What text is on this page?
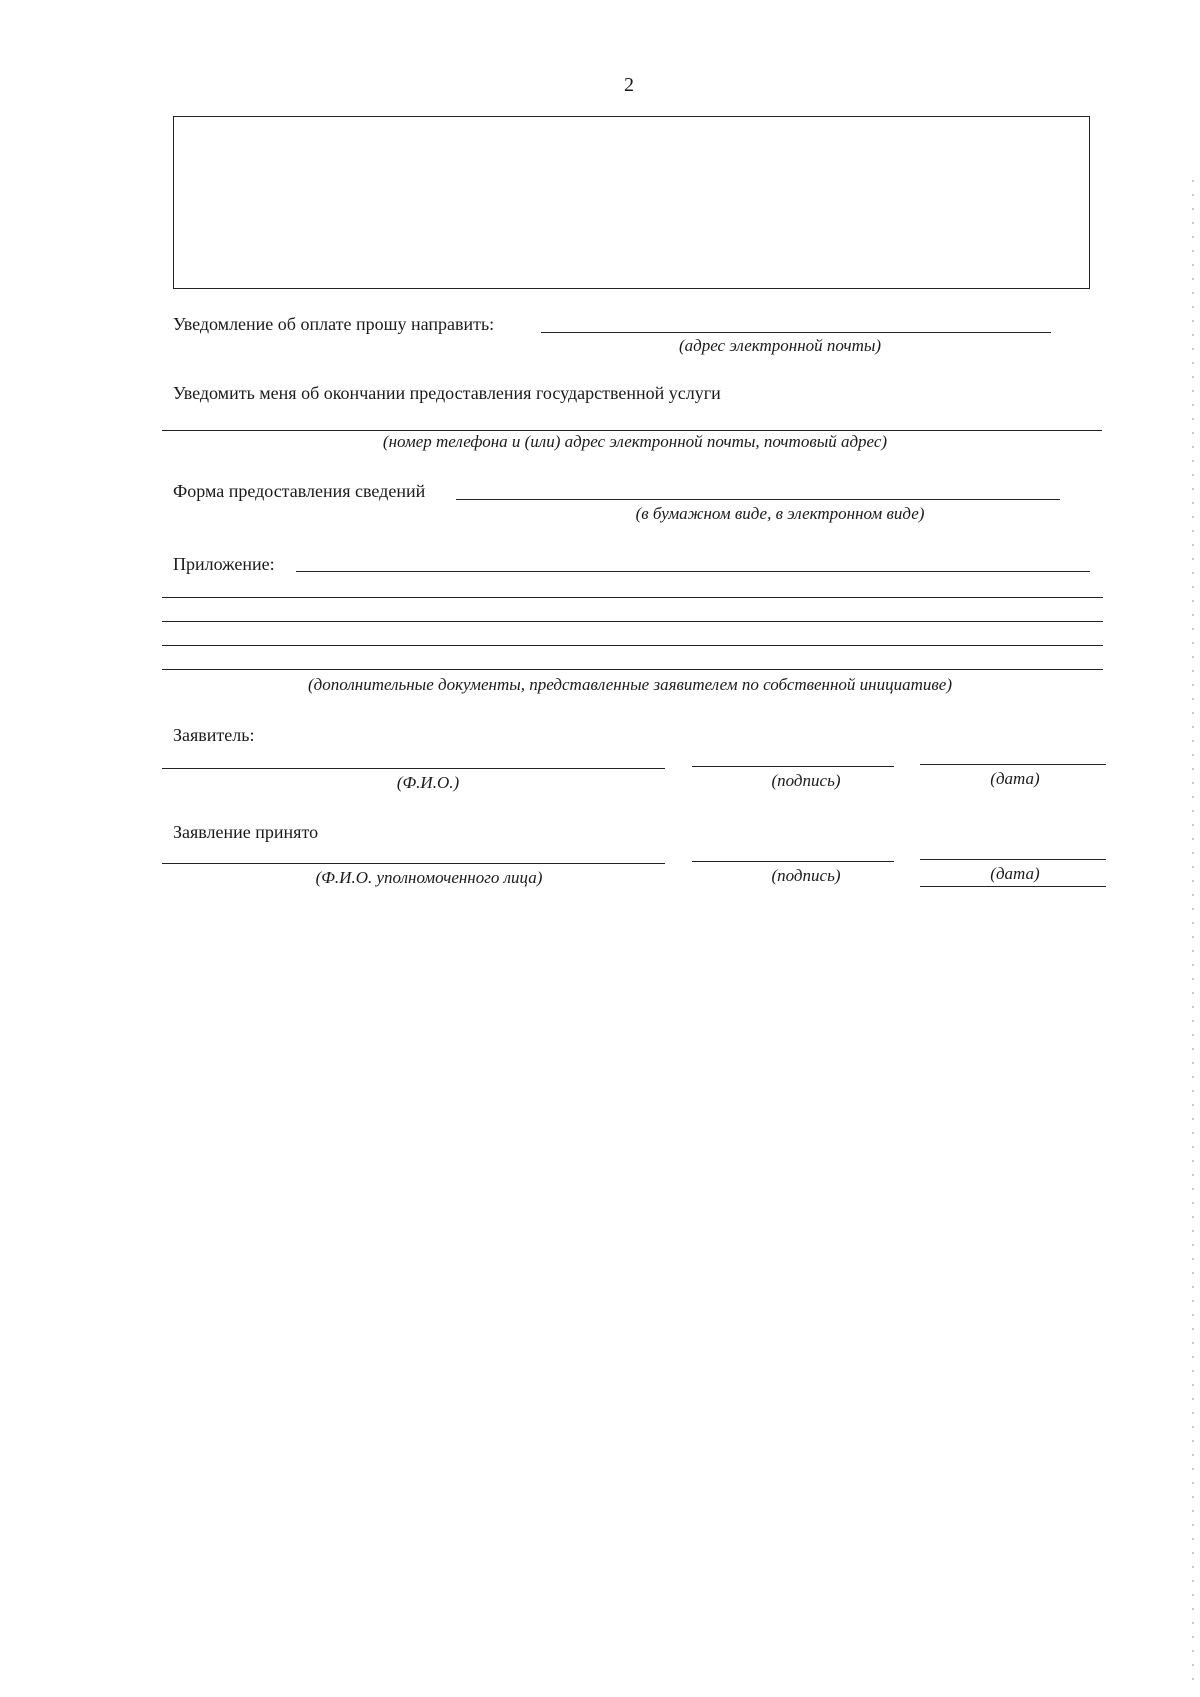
2
Уведомление об оплате прошу направить:
(адрес электронной почты)
Уведомить меня об окончании предоставления государственной услуги
(номер телефона и (или) адрес электронной почты, почтовый адрес)
Форма предоставления сведений
(в бумажном виде, в электронном виде)
Приложение:
(дополнительные документы, представленные заявителем по собственной инициативе)
Заявитель:
(Ф.И.О.)	(подпись)	(дата)
Заявление принято
(Ф.И.О. уполномоченного лица)	(подпись)	(дата)
